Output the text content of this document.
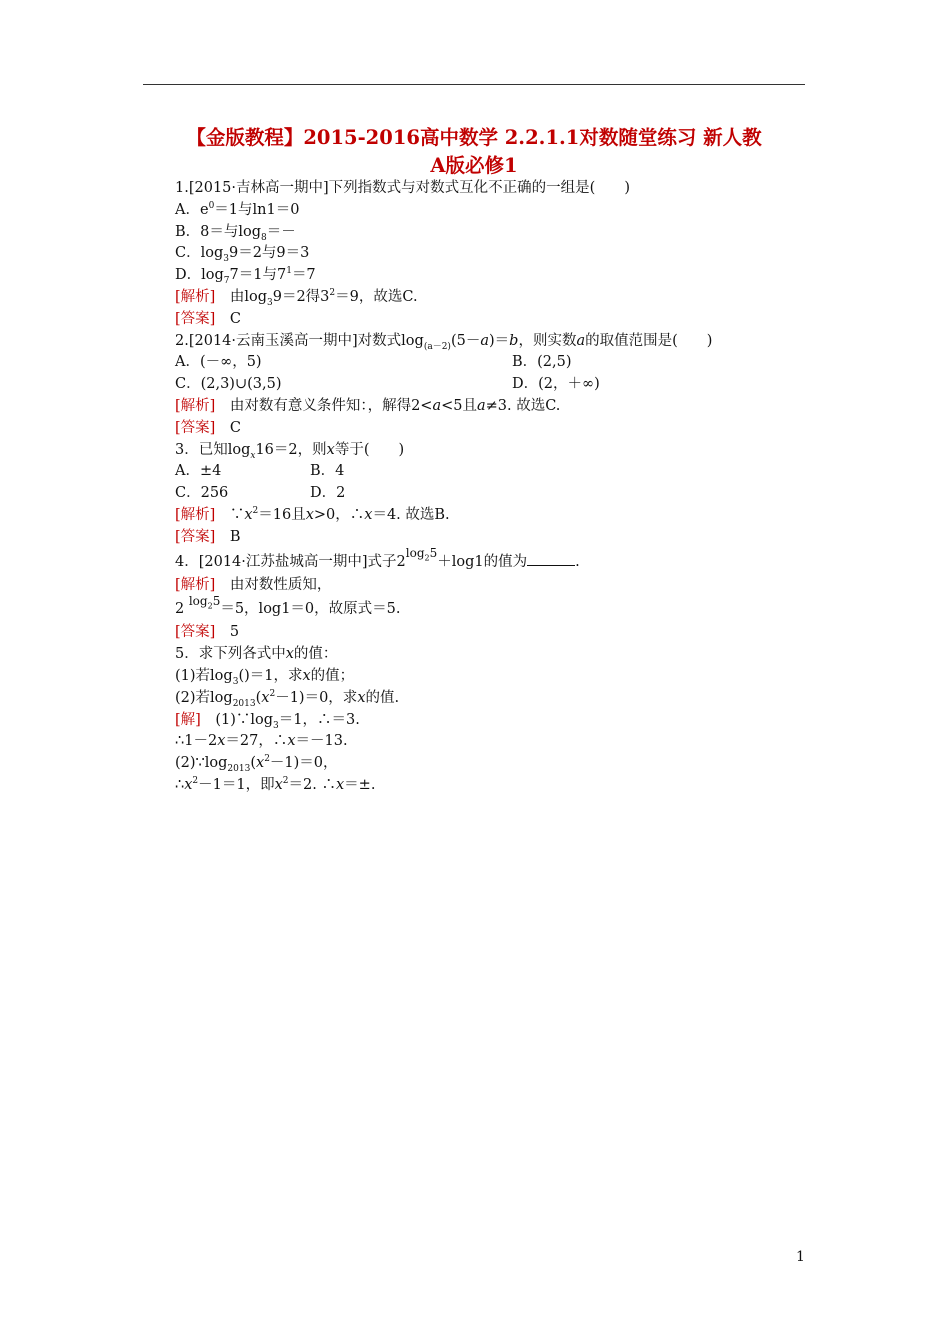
【金版教程】2015-2016高中数学 2.2.1.1对数随堂练习 新人教
A版必修1
1.[2015·吉林高一期中]下列指数式与对数式互化不正确的一组是(　　)
A．$e^0=1$与ln1＝0
B．8＝与$\log_8=-$
C．$\log_39=2$与9＝3
D．$\log_77=1$与$7^1=7$
[解析]　由$\log_39=2$得$3^2=9$，故选C.
[答案]　C
2.[2014·云南玉溪高一期中]对数式$\log_{(a-2)}(5-a)=b$，则实数a的取值范围是(　　)
A．(－∞，5)	B．(2,5)
C．(2,3)∪(3,5)	D．(2，＋∞)
[解析]　由对数有意义条件知：，解得2<a<5且a≠3. 故选C.
[答案]　C
3．已知$\log_x16=2$，则x等于(　　)
A．±4	B．4
C．256	D．2
[解析]　$\because x^2=16$且x>0，∴x＝4. 故选B.
[答案]　B
4．[2014·江苏盐城高一期中]式子$2^{log_25}+\log 1$的值为	.
[解析]　由对数性质知，
2 $^{log_25}$＝5，log1＝0，故原式＝5.
[答案]　5
5．求下列各式中x的值：
(1)若$\log_3()=1$，求x的值；
(2)若$\log_{2013}(x^2-1)=0$，求x的值.
[解]　$(1)\because\log_3=1$，∴＝3.
∴1－2x＝27，∴x＝－13.
$(2)\because\log_{2013}(x^2-1)=0$，
$\therefore x^2-1=1$，即$x^2=2$. ∴x＝±.
1
